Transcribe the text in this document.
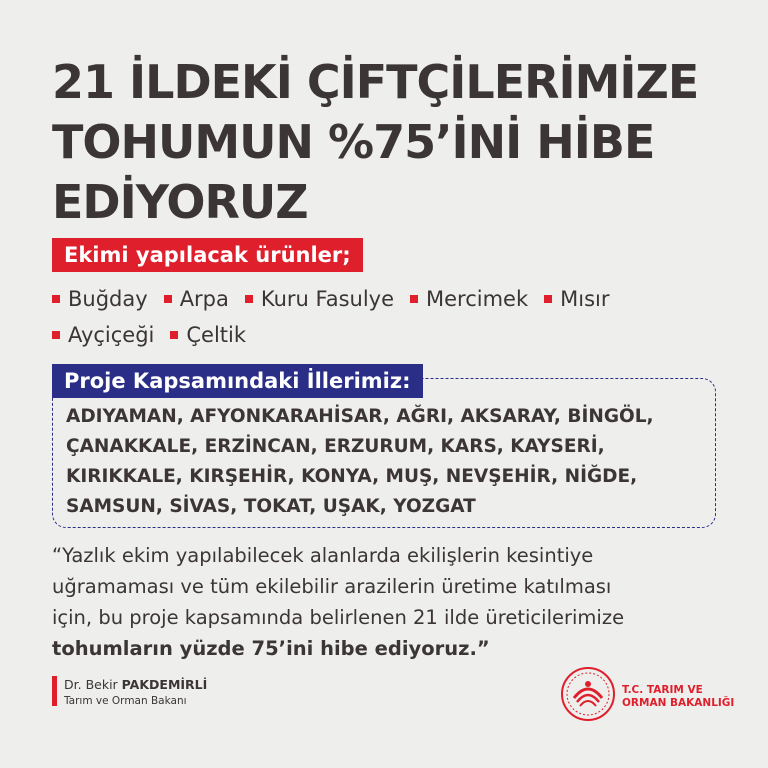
21 İLDEKİ ÇİFTÇİLERİMİZE
TOHUMUN %75’İNİ HİBE
EDİYORUZ
Ekimi yapılacak ürünler;
Buğday Arpa Kuru Fasulye Mercimek Mısır
Ayçiçeği Çeltik
Proje Kapsamındaki İllerimiz:
ADIYAMAN, AFYONKARAHİSAR, AĞRI, AKSARAY, BİNGÖL,
ÇANAKKALE, ERZİNCAN, ERZURUM, KARS, KAYSERİ,
KIRIKKALE, KIRŞEHİR, KONYA, MUŞ, NEVŞEHİR, NİĞDE,
SAMSUN, SİVAS, TOKAT, UŞAK, YOZGAT
“Yazlık ekim yapılabilecek alanlarda ekilişlerin kesintiye
uğramaması ve tüm ekilebilir arazilerin üretime katılması
için, bu proje kapsamında belirlenen 21 ilde üreticilerimize
tohumların yüzde 75’ini hibe ediyoruz.”
Dr. Bekir PAKDEMİRLİ
Tarım ve Orman Bakanı
T.C. TARIM VE
ORMAN BAKANLIĞI
